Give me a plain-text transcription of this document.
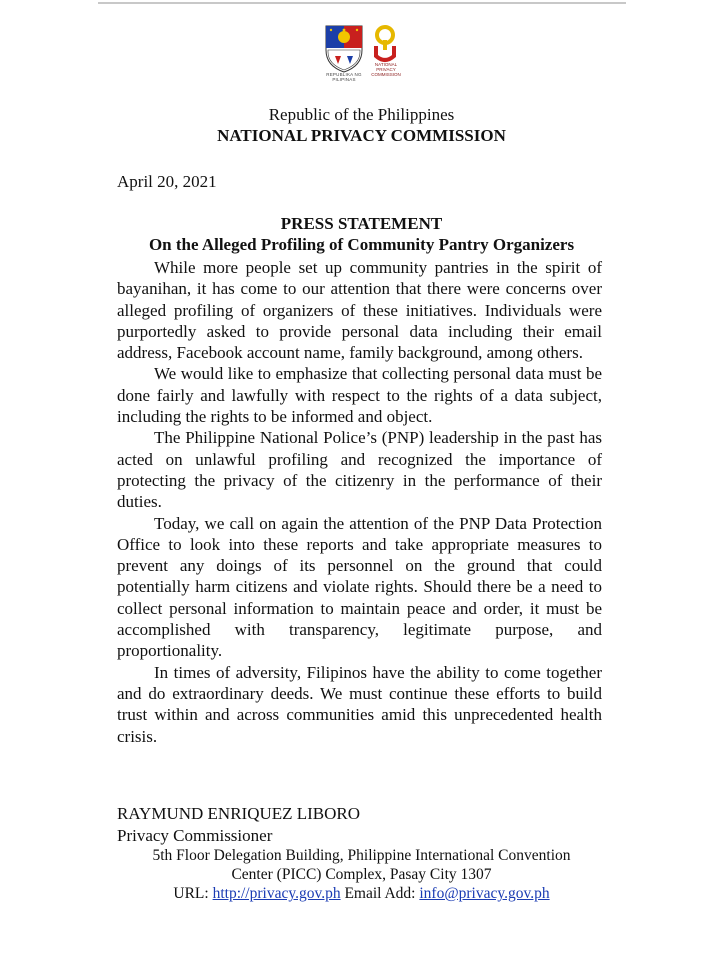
REPUBLIKA NG PILIPINAS
NATIONAL PRIVACY COMMISSION
Republic of the Philippines
NATIONAL PRIVACY COMMISSION
April 20, 2021
PRESS STATEMENT
On the Alleged Profiling of Community Pantry Organizers

While more people set up community pantries in the spirit of bayanihan, it has come to our attention that there were concerns over alleged profiling of organizers of these initiatives. Individuals were purportedly asked to provide personal data including their email address, Facebook account name, family background, among others.

We would like to emphasize that collecting personal data must be done fairly and lawfully with respect to the rights of a data subject, including the rights to be informed and object.

The Philippine National Police’s (PNP) leadership in the past has acted on unlawful profiling and recognized the importance of protecting the privacy of the citizenry in the performance of their duties.

Today, we call on again the attention of the PNP Data Protection Office to look into these reports and take appropriate measures to prevent any doings of its personnel on the ground that could potentially harm citizens and violate rights. Should there be a need to collect personal information to maintain peace and order, it must be accomplished with transparency, legitimate purpose, and proportionality.

In times of adversity, Filipinos have the ability to come together and do extraordinary deeds. We must continue these efforts to build trust within and across communities amid this unprecedented health crisis.

RAYMUND ENRIQUEZ LIBORO
Privacy Commissioner
5th Floor Delegation Building, Philippine International Convention
Center (PICC) Complex, Pasay City 1307
URL: http://privacy.gov.ph Email Add: info@privacy.gov.ph
